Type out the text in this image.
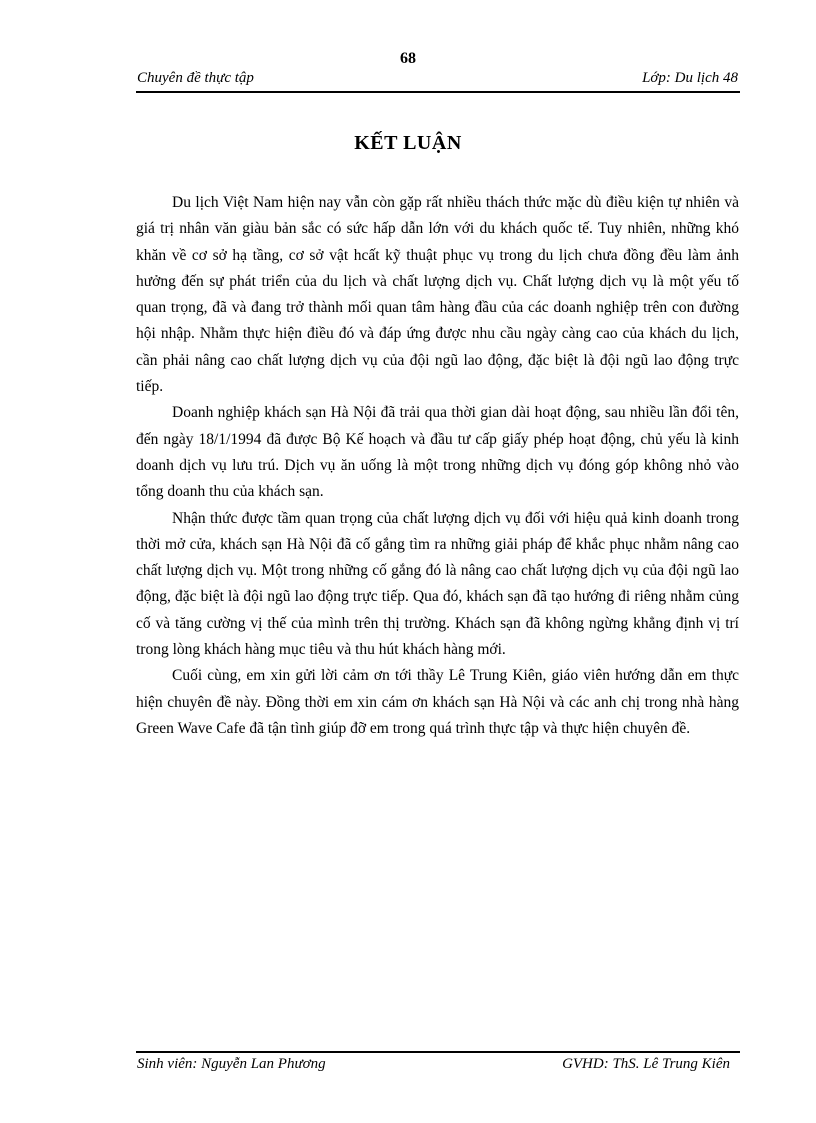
68
Chuyên đề thực tập	Lớp: Du lịch 48
KẾT LUẬN

Du lịch Việt Nam hiện nay vẫn còn gặp rất nhiều thách thức mặc dù điều kiện tự nhiên và giá trị nhân văn giàu bản sắc có sức hấp dẫn lớn với du khách quốc tế. Tuy nhiên, những khó khăn về cơ sở hạ tầng, cơ sở vật hcất kỹ thuật phục vụ trong du lịch chưa đồng đều làm ảnh hưởng đến sự phát triển của du lịch và chất lượng dịch vụ. Chất lượng dịch vụ là một yếu tố quan trọng, đã và đang trở thành mối quan tâm hàng đầu của các doanh nghiệp trên con đường hội nhập. Nhằm thực hiện điều đó và đáp ứng được nhu cầu ngày càng cao của khách du lịch, cần phải nâng cao chất lượng dịch vụ của đội ngũ lao động, đặc biệt là đội ngũ lao động trực tiếp.

Doanh nghiệp khách sạn Hà Nội đã trải qua thời gian dài hoạt động, sau nhiều lần đổi tên, đến ngày 18/1/1994 đã được Bộ Kế hoạch và đầu tư cấp giấy phép hoạt động, chủ yếu là kinh doanh dịch vụ lưu trú. Dịch vụ ăn uống là một trong những dịch vụ đóng góp không nhỏ vào tổng doanh thu của khách sạn.

Nhận thức được tầm quan trọng của chất lượng dịch vụ đối với hiệu quả kinh doanh trong thời mở cửa, khách sạn Hà Nội đã cố gắng tìm ra những giải pháp để khắc phục nhằm nâng cao chất lượng dịch vụ. Một trong những cố gắng đó là nâng cao chất lượng dịch vụ của đội ngũ lao động, đặc biệt là đội ngũ lao động trực tiếp. Qua đó, khách sạn đã tạo hướng đi riêng nhằm củng cố và tăng cường vị thế của mình trên thị trường. Khách sạn đã không ngừng khẳng định vị trí trong lòng khách hàng mục tiêu và thu hút khách hàng mới.

Cuối cùng, em xin gửi lời cảm ơn tới thầy Lê Trung Kiên, giáo viên hướng dẫn em thực hiện chuyên đề này. Đồng thời em xin cám ơn khách sạn Hà Nội và các anh chị trong nhà hàng Green Wave Cafe đã tận tình giúp đỡ em trong quá trình thực tập và thực hiện chuyên đề.

Sinh viên: Nguyễn Lan Phương	GVHD: ThS. Lê Trung Kiên
